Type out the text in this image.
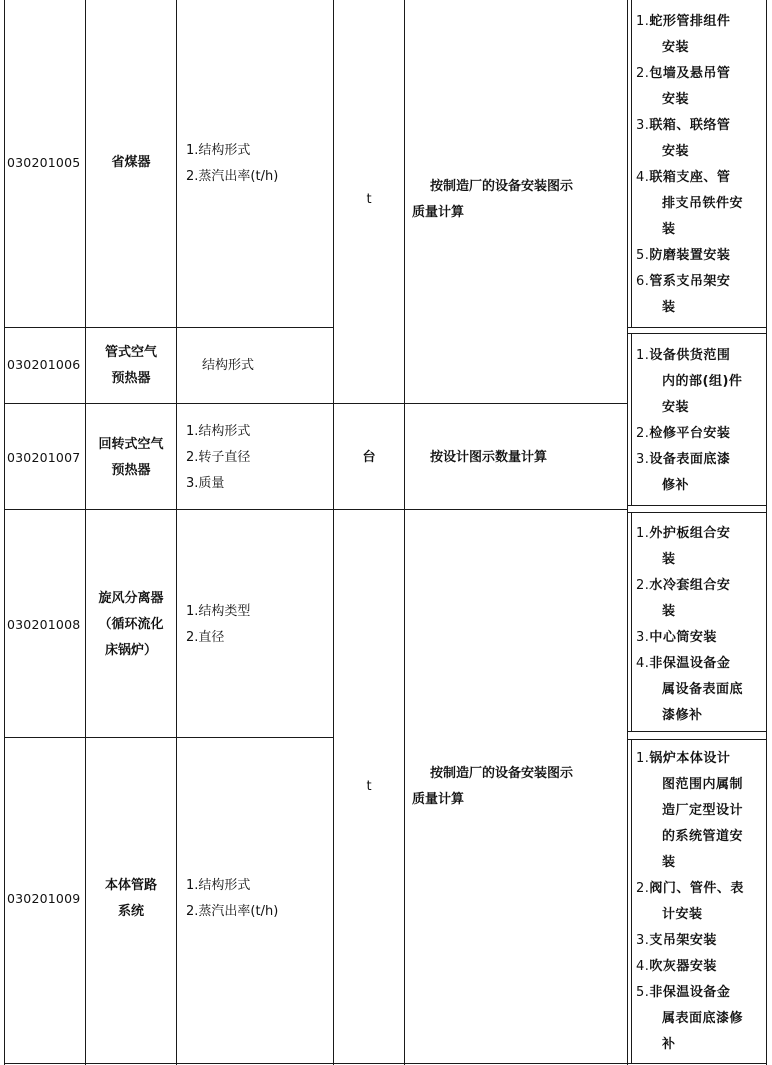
030201005	省煤器
1.结构形式
2.蒸汽出率(t/h)
030201006
管式空气
预热器
结构形式
030201007
回转式空气
预热器
1.结构形式
2.转子直径
3.质量
030201008
旋风分离器
（循环流化
床锅炉）
1.结构类型
2.直径
030201009
本体管路
系统
1.结构形式
2.蒸汽出率(t/h)
t
台
t
按制造厂的设备安装图示
质量计算
按设计图示数量计算
按制造厂的设备安装图示
质量计算
1.蛇形管排组件
安装
2.包墙及悬吊管
安装
3.联箱、联络管
安装
4.联箱支座、管
排支吊铁件安
装
5.防磨装置安装
6.管系支吊架安
装
1.设备供货范围
内的部(组)件
安装
2.检修平台安装
3.设备表面底漆
修补
1.外护板组合安
装
2.水冷套组合安
装
3.中心筒安装
4.非保温设备金
属设备表面底
漆修补
1.锅炉本体设计
图范围内属制
造厂定型设计
的系统管道安
装
2.阀门、管件、表
计安装
3.支吊架安装
4.吹灰器安装
5.非保温设备金
属表面底漆修
补
